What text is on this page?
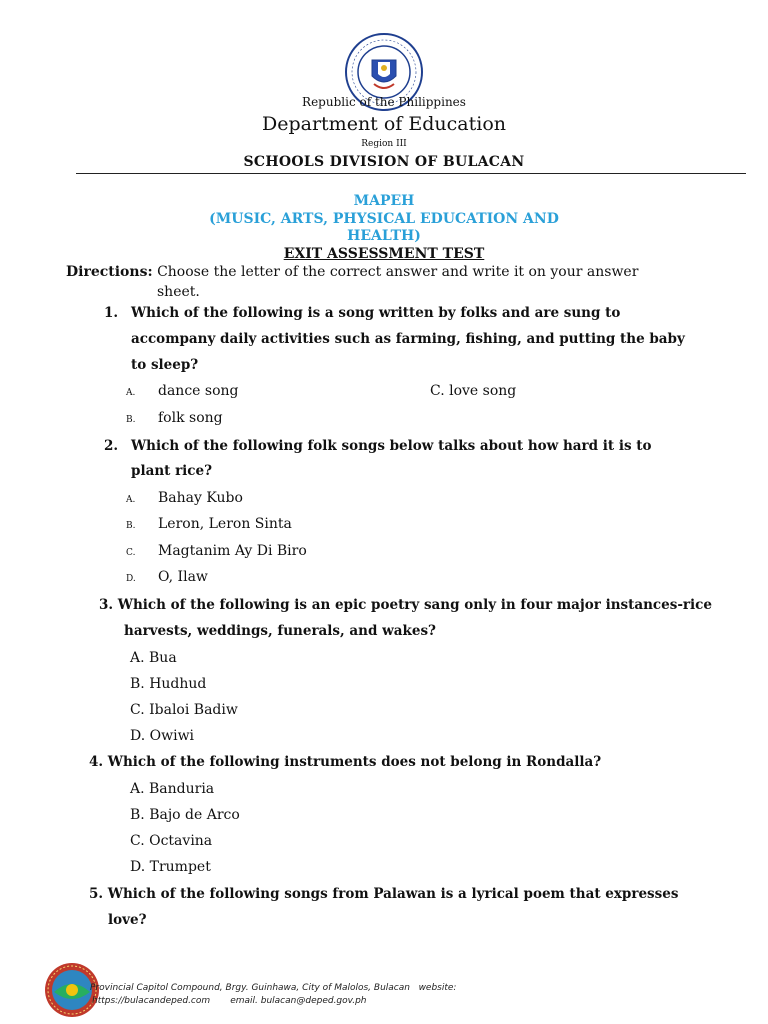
Republic of the Philippines
Department of Education
Region III
SCHOOLS DIVISION OF BULACAN
MAPEH
(MUSIC, ARTS, PHYSICAL EDUCATION AND
HEALTH)
EXIT ASSESSMENT TEST
Directions: Choose the letter of the correct answer and write it on your answer
sheet.
1. Which of the following is a song written by folks and are sung to
accompany daily activities such as farming, fishing, and putting the baby
to sleep?
A. dance song	C. love song
B. folk song
2. Which of the following folk songs below talks about how hard it is to
plant rice?
A. Bahay Kubo
B. Leron, Leron Sinta
C. Magtanim Ay Di Biro
D. O, Ilaw
3. Which of the following is an epic poetry sang only in four major instances-rice
harvests, weddings, funerals, and wakes?
A. Bua
B. Hudhud
C. Ibaloi Badiw
D. Owiwi
4. Which of the following instruments does not belong in Rondalla?
A. Banduria
B. Bajo de Arco
C. Octavina
D. Trumpet
5. Which of the following songs from Palawan is a lyrical poem that expresses
love?
Provincial Capitol Compound, Brgy. Guinhawa, City of Malolos, Bulacan website:
https://bulacandeped.com email. bulacan@deped.gov.ph
